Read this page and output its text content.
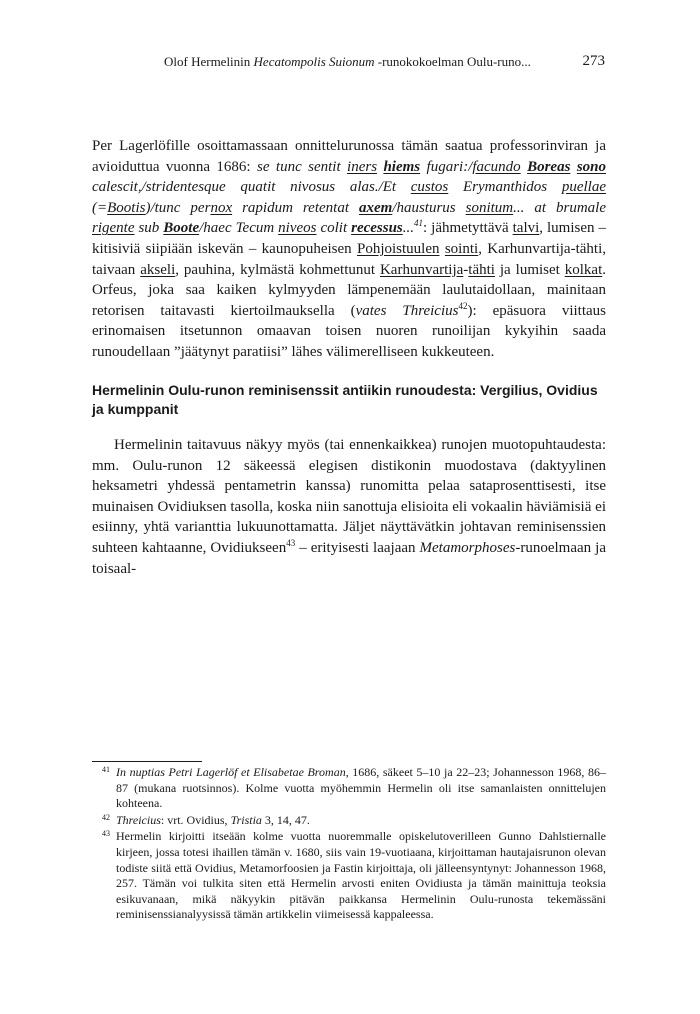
Olof Hermelinin Hecatompolis Suionum -runokokoelman Oulu-runo...	273

Per Lagerlöfille osoittamassaan onnittelurunossa tämän saatua professorinviran ja avioiduttua vuonna 1686: se tunc sentit iners hiems fugari:/facundo Boreas sono calescit,/stridentesque quatit nivosus alas./Et custos Erymanthidos puellae (=Bootis)/tunc pernox rapidum retentat axem/hausturus sonitum... at brumale rigente sub Boote/haec Tecum niveos colit recessus...$^{41}$: jähmetyttävä talvi, lumisen – kitisiviä siipiään iskevän – kaunopuheisen Pohjoistuulen sointi, Karhunvartija-tähti, taivaan akseli, pauhina, kylmästä kohmettunut Karhunvartija-tähti ja lumiset kolkat. Orfeus, joka saa kaiken kylmyyden lämpenemään laulutaidollaan, mainitaan retorisen taitavasti kiertoilmauksella (vates Threicius$^{42}$): epäsuora viittaus erinomaisen itsetunnon omaavan toisen nuoren runoilijan kykyihin saada runoudellaan ”jäätynyt paratiisi” lähes välimerelliseen kukkeuteen.

Hermelinin Oulu-runon reminisenssit antiikin runoudesta: Vergilius, Ovidius ja kumppanit

Hermelinin taitavuus näkyy myös (tai ennenkaikkea) runojen muotopuhtaudesta: mm. Oulu-runon 12 säkeessä elegisen distikonin muodostava (daktyylinen heksametri yhdessä pentametrin kanssa) runomitta pelaa sataprosenttisesti, itse muinaisen Ovidiuksen tasolla, koska niin sanottuja elisioita eli vokaalin häviämisiä ei esiinny, yhtä varianttia lukuunottamatta. Jäljet näyttävätkin johtavan reminisenssien suhteen kahtaanne, Ovidiukseen$^{43}$ – erityisesti laajaan Metamorphoses-runoelmaan ja toisaal-

41 In nuptias Petri Lagerlöf et Elisabetae Broman, 1686, säkeet 5–10 ja 22–23; Johannesson 1968, 86–87 (mukana ruotsinnos). Kolme vuotta myöhemmin Hermelin oli itse samanlaisten onnittelujen kohteena.

42 Threicius: vrt. Ovidius, Tristia 3, 14, 47.

43 Hermelin kirjoitti itseään kolme vuotta nuoremmalle opiskelutoverilleen Gunno Dahlstiernalle kirjeen, jossa totesi ihaillen tämän v. 1680, siis vain 19-vuotiaana, kirjoittaman hautajaisrunon olevan todiste siitä että Ovidius, Metamorfoosien ja Fastin kirjoittaja, oli jälleensyntynyt: Johannesson 1968, 257. Tämän voi tulkita siten että Hermelin arvosti eniten Ovidiusta ja tämän mainittuja teoksia esikuvanaan, mikä näkyykin pitävän paikkansa Hermelinin Oulu-runosta tekemässäni reminisenssianalyysissä tämän artikkelin viimeisessä kappaleessa.
